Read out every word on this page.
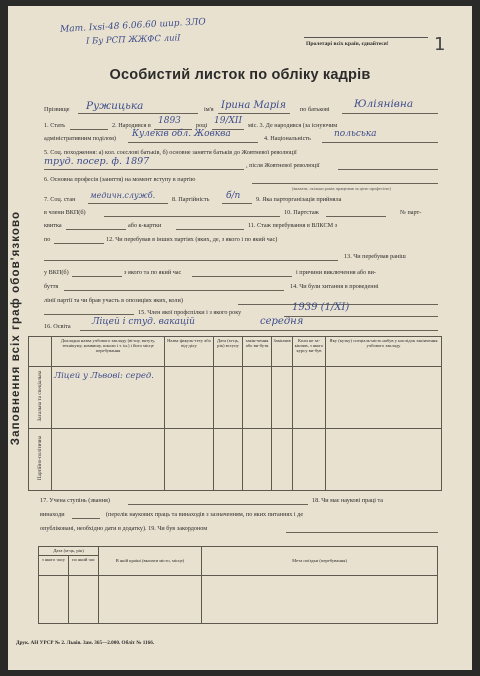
Мат. І‍хѕі-48 6.06.60 шир. ЗЛО
І Бу РСП ЖЖФС лиіІ	1
Пролетарі всіх країн, єднайтеся!
Особистий листок по обліку кадрів
Заповнення всіх граф обов'язково
Прізвище Ружицька	ім'я Ірина Марія по батькові Юліянівна
1. Стать	2. Народився в 1893 році 19/XII міс. 3. Де народився (за існуючим
адміністративним поділом) Кулеків обл. Жовква	4. Національність	польська
5. Соц. походження: а) кол. соєслові батьків, б) основне заняття батьків до Жовтневої революції
труд. посер. ф. 1897	, після Жовтневої революції
6. Основна професія (заняття) на момент вступу в партію
(вказати, скільки років працював за цією професією)
7. Соц. стан медичн.служб.	8. Партійність б/п	9. Яка парторганізація прийняла
в члени ВКП(б)	10. Партстаж	№ парт-
квитка	або к-картки	11. Стаж перебування в ВЛКСМ з
по	12. Чи перебував в інших партіях (яких, де, з якого і по який час)
13. Чи перебував раніш
у ВКП(б)	з якого та по який час	і причини виключення або ви-
буття	14. Чи були хитання в проведенні
лінії партії та чи брав участь в опозиціях яких, коли)
15. Член якої профспілки і з якого року	1939 (1/XI)
16. Освіта Ліцей і студ. вакацій	середня
	Докладна назва учбового закладу (ві-шу, вктузу, технікуму, комвишу, школи і т. ін.) і його місце перебування	Назва факуль-тету або від-ділу	Дата (м-ць, рік) вступу	закін-чення або ви-бутя	Закінчив	Коли не за-кінчив, з якого курсу ви-був	Яку (кузку) спеціаль-ність набув у наслідок закінчення учбового закладу

Загальна та спеціальна	Ліцей у Львові: серед.						

Партійно-політична							

17. Учена ступінь (звання)	18. Чи має наукові праці та
винаходи	(перелік наукових праць та винаходів з зазначенням, по яких питаннях і де
опубліковані, необхідно дати в додатку). 19. Чи був закордоном
Дата (м-ць, рік)		В якій країні (вказати місто, місце)	Мета поїздки (перебування)
з якого часу	по який час		

Друк. АН УРСР № 2. Львів. Зам. 365—2.000. Обліт № 1166.
